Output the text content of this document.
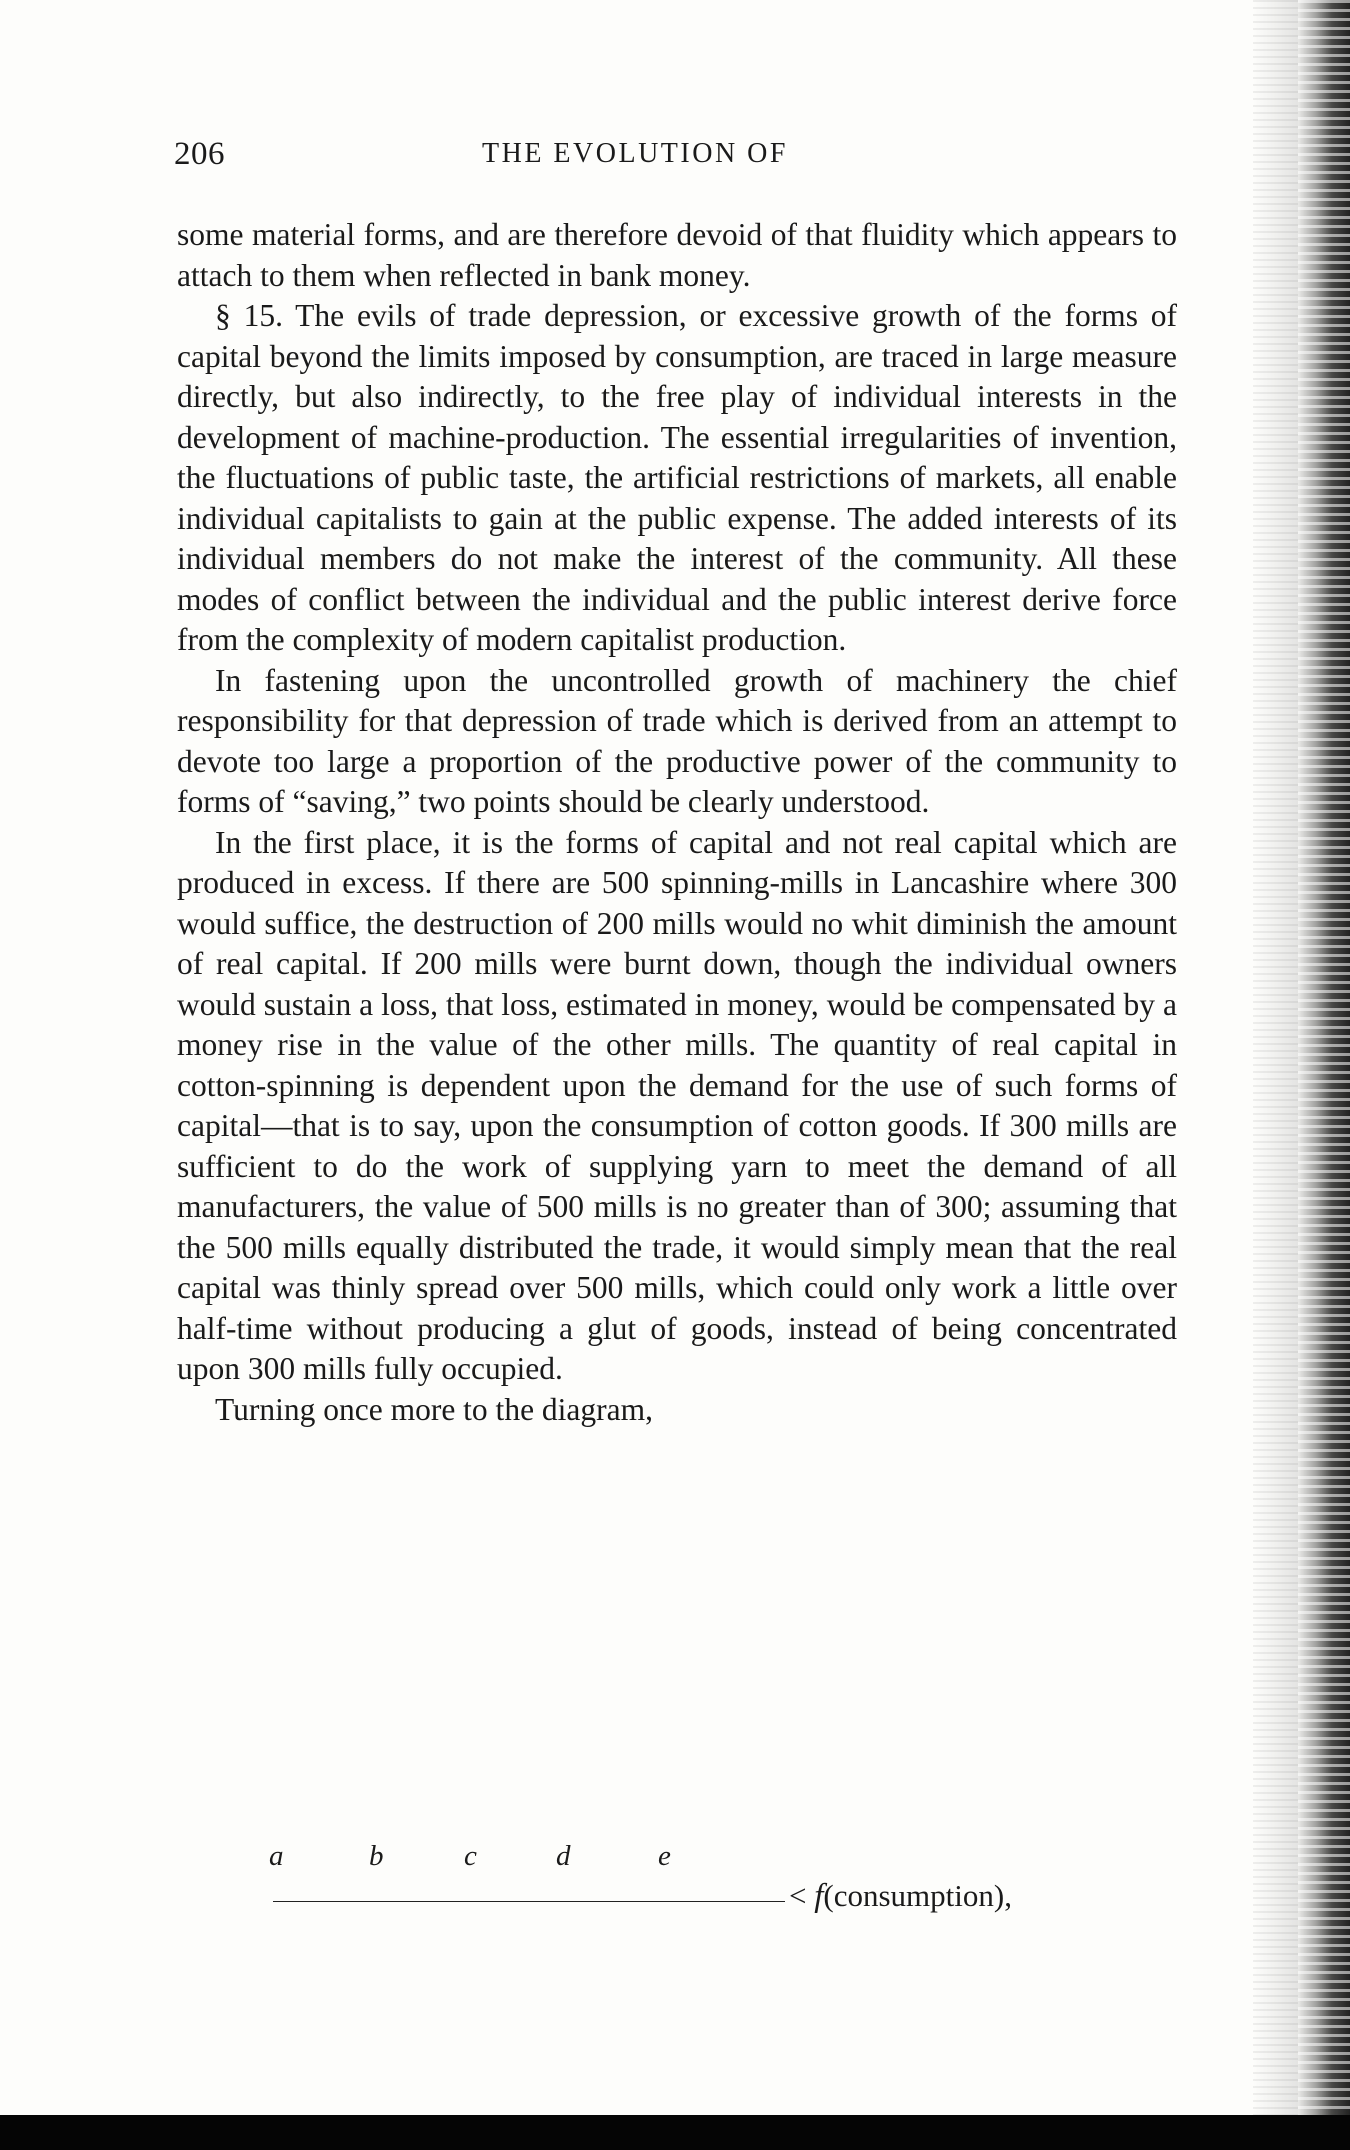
206	THE EVOLUTION OF

some material forms, and are therefore devoid of that fluidity which appears to attach to them when reflected in bank money.

§ 15. The evils of trade depression, or excessive growth of the forms of capital beyond the limits imposed by consumption, are traced in large measure directly, but also indirectly, to the free play of individual interests in the development of machine-production. The essential irregularities of invention, the fluctuations of public taste, the artificial restrictions of markets, all enable individual capitalists to gain at the public expense. The added interests of its individual members do not make the interest of the community. All these modes of conflict between the individual and the public interest derive force from the complexity of modern capitalist production.

In fastening upon the uncontrolled growth of machinery the chief responsibility for that depression of trade which is derived from an attempt to devote too large a proportion of the productive power of the community to forms of “saving,” two points should be clearly understood.

In the first place, it is the forms of capital and not real capital which are produced in excess. If there are 500 spinning-mills in Lancashire where 300 would suffice, the destruction of 200 mills would no whit diminish the amount of real capital. If 200 mills were burnt down, though the individual owners would sustain a loss, that loss, estimated in money, would be compensated by a money rise in the value of the other mills. The quantity of real capital in cotton-spinning is dependent upon the demand for the use of such forms of capital—that is to say, upon the consumption of cotton goods. If 300 mills are sufficient to do the work of supplying yarn to meet the demand of all manufacturers, the value of 500 mills is no greater than of 300; assuming that the 500 mills equally distributed the trade, it would simply mean that the real capital was thinly spread over 500 mills, which could only work a little over half-time without producing a glut of goods, instead of being concentrated upon 300 mills fully occupied.

Turning once more to the diagram,

a	b	c	d	e
< f(consumption),
